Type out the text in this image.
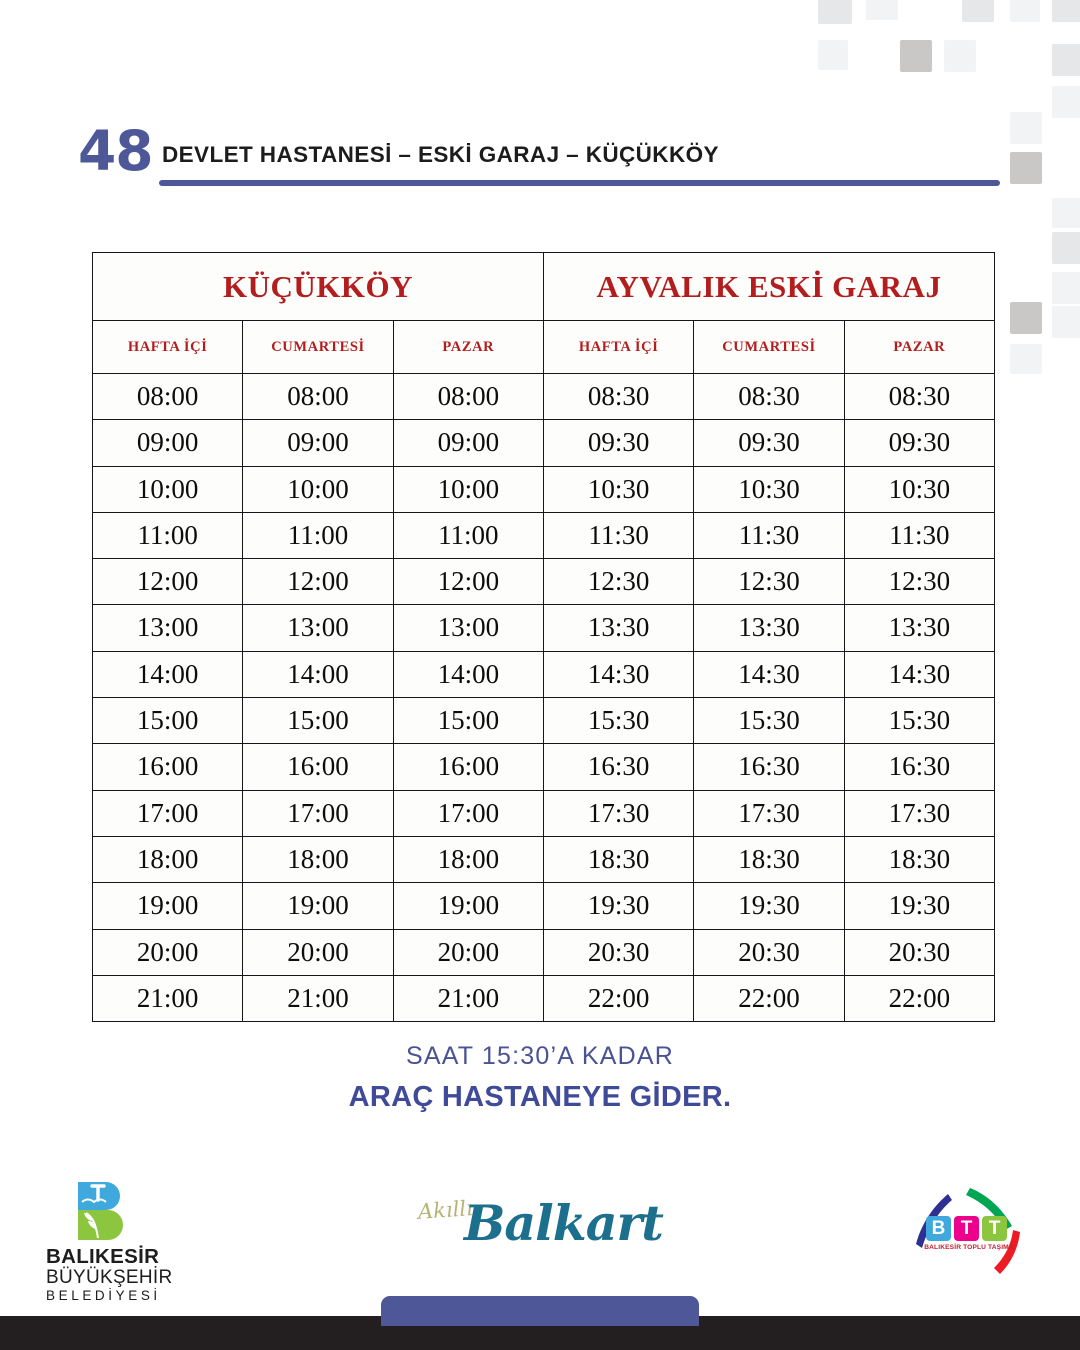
48 DEVLET HASTANESİ – ESKİ GARAJ – KÜÇÜKKÖY
KÜÇÜKKÖY			AYVALIK ESKİ GARAJ		
HAFTA İÇİ	CUMARTESİ	PAZAR	HAFTA İÇİ	CUMARTESİ	PAZAR
08:00	08:00	08:00	08:30	08:30	08:30
09:00	09:00	09:00	09:30	09:30	09:30
10:00	10:00	10:00	10:30	10:30	10:30
11:00	11:00	11:00	11:30	11:30	11:30
12:00	12:00	12:00	12:30	12:30	12:30
13:00	13:00	13:00	13:30	13:30	13:30
14:00	14:00	14:00	14:30	14:30	14:30
15:00	15:00	15:00	15:30	15:30	15:30
16:00	16:00	16:00	16:30	16:30	16:30
17:00	17:00	17:00	17:30	17:30	17:30
18:00	18:00	18:00	18:30	18:30	18:30
19:00	19:00	19:00	19:30	19:30	19:30
20:00	20:00	20:00	20:30	20:30	20:30
21:00	21:00	21:00	22:00	22:00	22:00
SAAT 15:30’A KADAR
ARAÇ HASTANEYE GİDER.
BALIKESİR
BÜYÜKŞEHİR
BELEDİYESİ
Akıllı
Balkart	B T T
BALIKESİR TOPLU TAŞIMA
